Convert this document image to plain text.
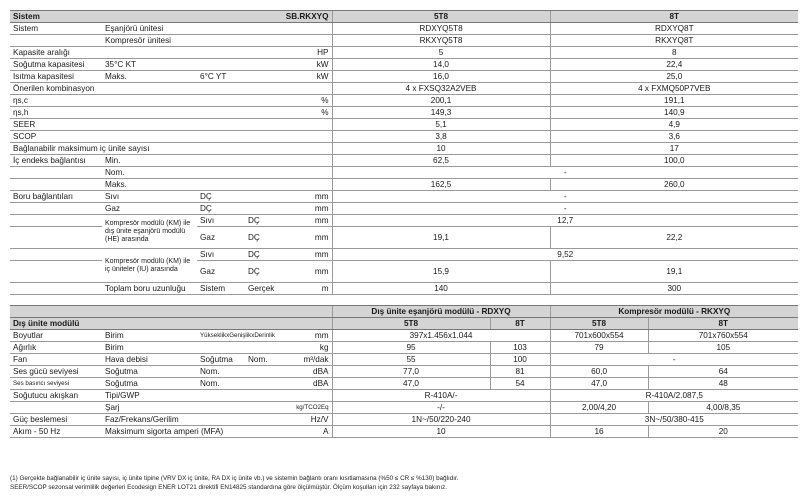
Sistem		SB.RKXYQ			5T8		8T	
Sistem	Eşanjörü ünitesi				RDXYQ5T8		RDXYQ8T	
	Kompresör ünitesi				RKXYQ5T8		RKXYQ8T	
Kapasite aralığı				HP	5		8	
Soğutma kapasitesi	35°C KT			kW	14,0		22,4	
Isıtma kapasitesi	Maks.	6°C YT		kW	16,0		25,0	
Önerilen kombinasyon					4 x FXSQ32A2VEB		4 x FXMQ50P7VEB	
ηs,c				%	200,1		191,1	
ηs,h				%	149,3		140,9	
SEER					5,1		4,9	
SCOP					3,8		3,6	
Bağlanabilir maksimum iç ünite sayısı					10		17	
İç endeks bağlantısı	Min.				62,5		100,0	
	Nom.				-			
	Maks.				162,5		260,0	
Boru bağlantıları	Sıvı	DÇ		mm	-			
	Gaz	DÇ		mm	-			
	Kompresör modülü (KM) ile dış ünite eşanjörü modülü (HE) arasında	Sıvı	DÇ	mm	12,7			
		Gaz	DÇ	mm	19,1		22,2	
	Kompresör modülü (KM) ile iç üniteler (IU) arasında	Sıvı	DÇ	mm	9,52			
		Gaz	DÇ	mm	15,9		19,1	
	Toplam boru uzunluğu	Sistem	Gerçek	m	140		300	

					Dış ünite eşanjörü modülü - RDXYQ		Kompresör modülü - RKXYQ	
Dış ünite modülü					5T8	8T	5T8	8T
Boyutlar	Birim	YükseklikxGenişlikxDerinlik		mm	397x1.456x1.044		701x600x554	701x760x554
Ağırlık	Birim			kg	95	103	79	105
Fan	Hava debisi	Soğutma	Nom.	m³/dak	55	100	-	
Ses gücü seviyesi	Soğutma	Nom.		dBA	77,0	81	60,0	64
Ses basıncı seviyesi	Soğutma	Nom.		dBA	47,0	54	47,0	48
Soğutucu akışkan	Tipi/GWP				R-410A/-		R-410A/2.087,5	
	Şarj			kg/TCO2Eq	-/-		2,00/4,20	4,00/8,35
Güç beslemesi	Faz/Frekans/Gerilim			Hz/V	1N~/50/220-240		3N~/50/380-415	
Akım - 50 Hz	Maksimum sigorta amperi (MFA)			A	10		16	20
(1) Gerçekte bağlanabilir iç ünite sayısı, iç ünite tipine (VRV DX iç ünite, RA DX iç ünite vb.) ve sistemin bağlantı oranı kısıtlamasına (%50 ≤ CR ≤ %130) bağlıdır.
SEER/SCOP sezonsal verimlilik değerleri Ecodesign ENER LOT21 direktifi EN14825 standardına göre ölçülmüştür. Ölçüm koşulları için 232 sayfaya bakınız.
